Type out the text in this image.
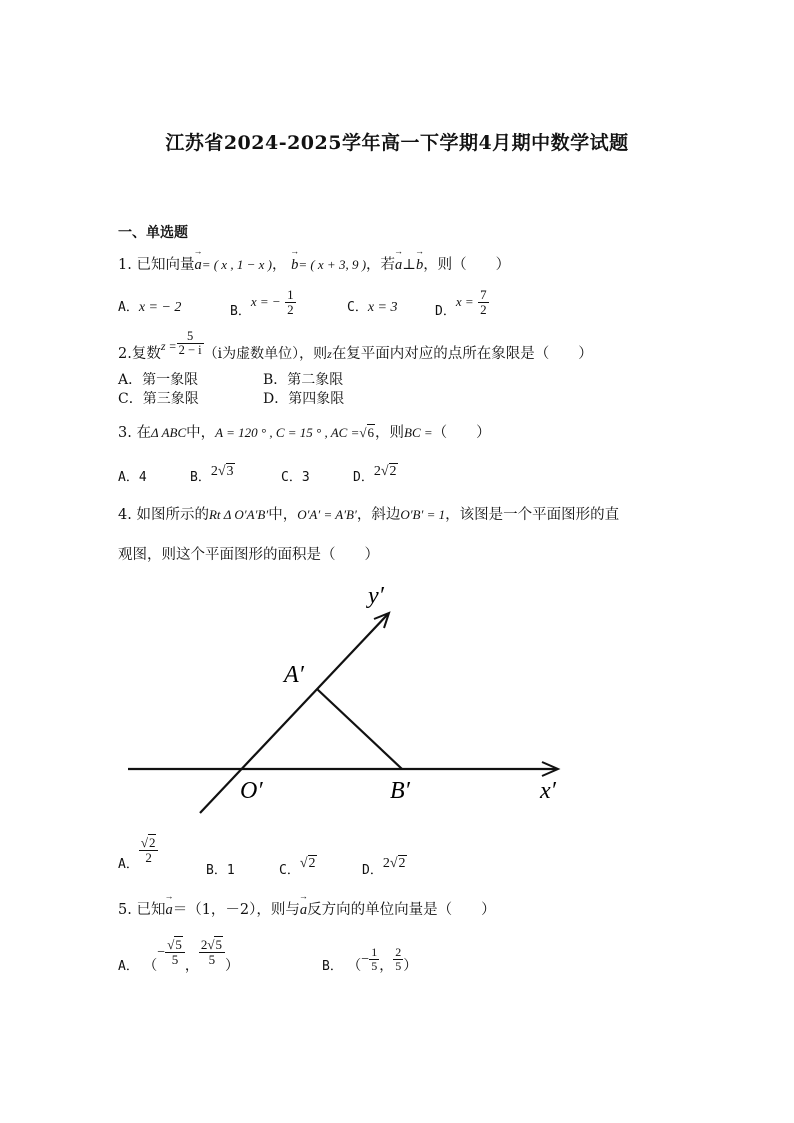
江苏省2024-2025学年高一下学期4月期中数学试题
一、单选题
1. 已知向量→ a= ( x , 1 − x )， → b= ( x + 3, 9 )，若→ a⊥→ b，则（　　）
A．x = − 2	B．x = − $\frac{1}{2}$	C．x = 3	D．$x = \frac{7}{2}$
2.复数$z = \frac{5}{2 - i} (i$为虚数单位），则$_z$在复平面内对应的点所在象限是（　　）
A．第一象限	B．第二象限
C．第三象限	D．第四象限
3. 在Δ ABC中，A = 120 ° , C = 15 ° , AC =√6，则BC =（　　）
A．4	B．2√3	C．3	D．2√2
4. 如图所示的Rt Δ O′A′B′中，O′A′ = A′B′，斜边O′B′ = 1，该图是一个平面图形的直
观图，则这个平面图形的面积是（　　）
y′
x′
A′
O′	B′
A．
$\frac{√2}{2}$
B．1	C．√2	D．2√2
5. 已知→ a＝（1，－2），则与→ a反方向的单位向量是（　　）
A． （− $\frac{√5}{5}$ ， $\frac{2√5}{5}$ ）	B． （− $\frac{1}{5}$ ， $\frac{2}{5}$ ）
